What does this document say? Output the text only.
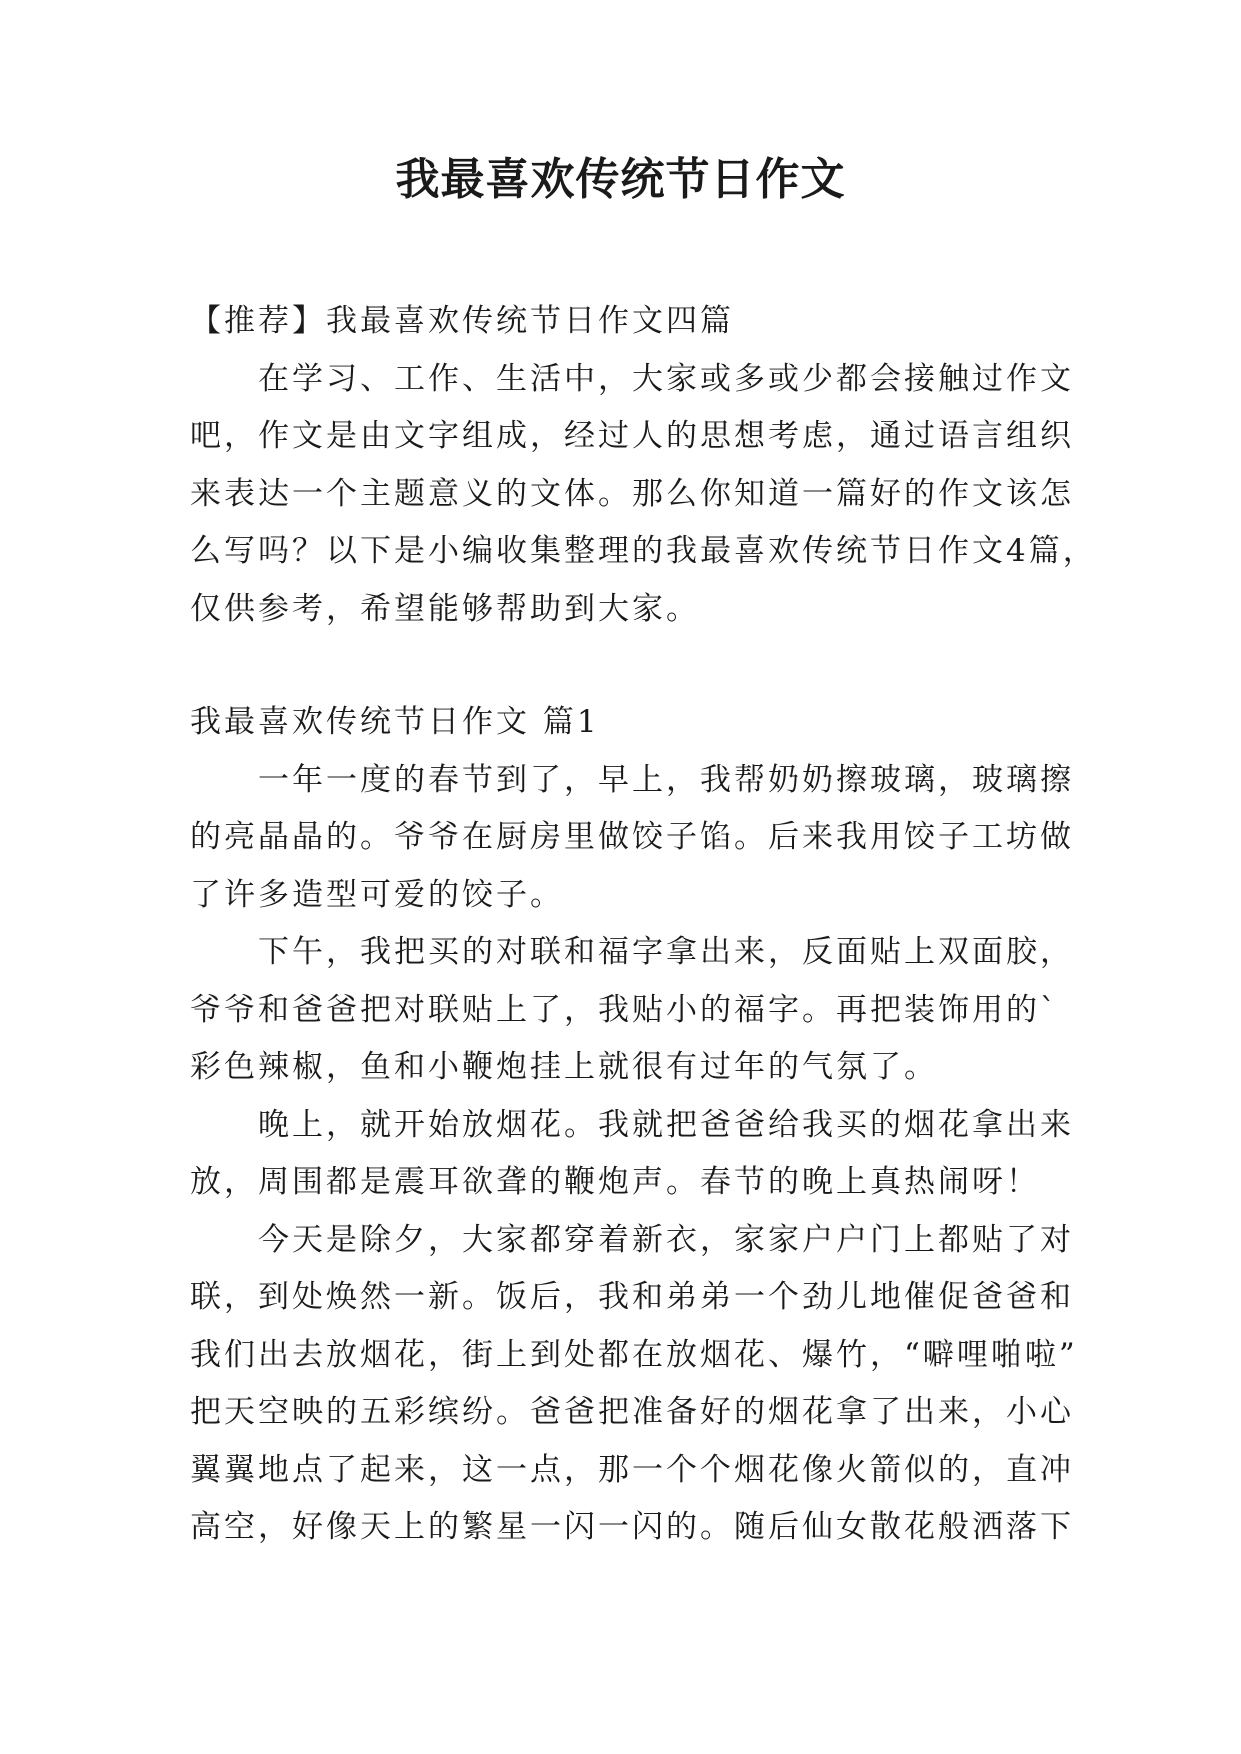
我最喜欢传统节日作文

【推荐】我最喜欢传统节日作文四篇

在学习、工作、生活中，大家或多或少都会接触过作文
吧，作文是由文字组成，经过人的思想考虑，通过语言组织
来表达一个主题意义的文体。那么你知道一篇好的作文该怎
么写吗？以下是小编收集整理的我最喜欢传统节日作文4篇，
仅供参考，希望能够帮助到大家。

我最喜欢传统节日作文 篇1

一年一度的春节到了，早上，我帮奶奶擦玻璃，玻璃擦
的亮晶晶的。爷爷在厨房里做饺子馅。后来我用饺子工坊做
了许多造型可爱的饺子。

下午，我把买的对联和福字拿出来，反面贴上双面胶，
爷爷和爸爸把对联贴上了，我贴小的福字。再把装饰用的`
彩色辣椒，鱼和小鞭炮挂上就很有过年的气氛了。

晚上，就开始放烟花。我就把爸爸给我买的烟花拿出来
放，周围都是震耳欲聋的鞭炮声。春节的晚上真热闹呀！

今天是除夕，大家都穿着新衣，家家户户门上都贴了对
联，到处焕然一新。饭后，我和弟弟一个劲儿地催促爸爸和
我们出去放烟花，街上到处都在放烟花、爆竹，“噼哩啪啦”
把天空映的五彩缤纷。爸爸把准备好的烟花拿了出来，小心
翼翼地点了起来，这一点，那一个个烟花像火箭似的，直冲
高空，好像天上的繁星一闪一闪的。随后仙女散花般洒落下
